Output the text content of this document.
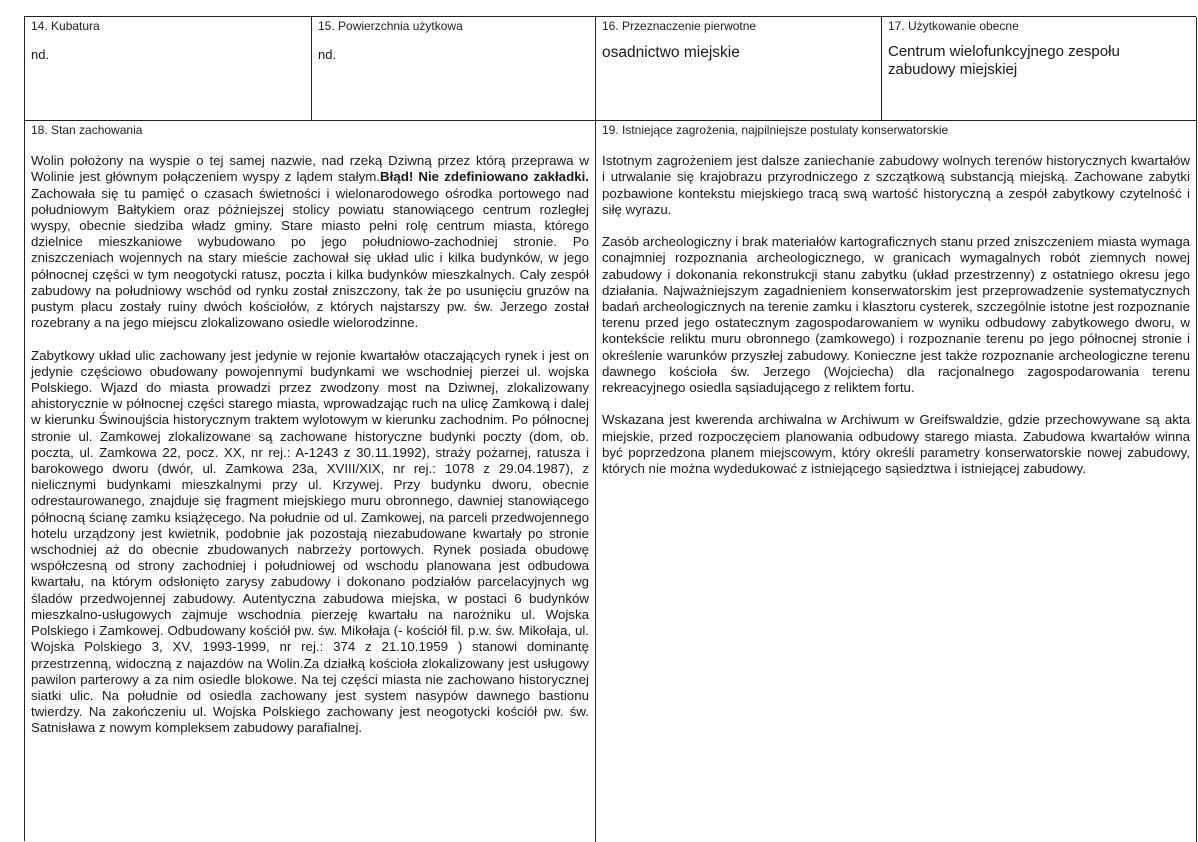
14. Kubatura
nd.
15. Powierzchnia użytkowa
nd.
16. Przeznaczenie pierwotne
osadnictwo miejskie
17. Użytkowanie obecne
Centrum wielofunkcyjnego zespołu zabudowy miejskiej
18. Stan zachowania

Wolin położony na wyspie o tej samej nazwie, nad rzeką Dziwną przez którą przeprawa w Wolinie jest głównym połączeniem wyspy z lądem stałym.Błąd! Nie zdefiniowano zakładki. Zachowała się tu pamięć o czasach świetności i wielonarodowego ośrodka portowego nad południowym Bałtykiem oraz późniejszej stolicy powiatu stanowiącego centrum rozległej wyspy, obecnie siedziba władz gminy. Stare miasto pełni rolę centrum miasta, którego dzielnice mieszkaniowe wybudowano po jego południowo-zachodniej stronie. Po zniszczeniach wojennych na stary mieście zachował się układ ulic i kilka budynków, w jego północnej części w tym neogotycki ratusz, poczta i kilka budynków mieszkalnych. Cały zespół zabudowy na południowy wschód od rynku został zniszczony, tak że po usunięciu gruzów na pustym placu zostały ruiny dwóch kościołów, z których najstarszy pw. św. Jerzego został rozebrany a na jego miejscu zlokalizowano osiedle wielorodzinne.

Zabytkowy układ ulic zachowany jest jedynie w rejonie kwartałów otaczających rynek i jest on jedynie częściowo obudowany powojennymi budynkami we wschodniej pierzei ul. wojska Polskiego. Wjazd do miasta prowadzi przez zwodzony most na Dziwnej, zlokalizowany ahistorycznie w północnej części starego miasta, wprowadzając ruch na ulicę Zamkową i dalej w kierunku Świnoujścia historycznym traktem wylotowym w kierunku zachodnim. Po północnej stronie ul. Zamkowej zlokalizowane są zachowane historyczne budynki poczty (dom, ob. poczta, ul. Zamkowa 22, pocz. XX, nr rej.: A-1243 z 30.11.1992), straży pożarnej, ratusza i barokowego dworu (dwór, ul. Zamkowa 23a, XVIII/XIX, nr rej.: 1078 z 29.04.1987), z nielicznymi budynkami mieszkalnymi przy ul. Krzywej. Przy budynku dworu, obecnie odrestaurowanego, znajduje się fragment miejskiego muru obronnego, dawniej stanowiącego północną ścianę zamku książęcego. Na południe od ul. Zamkowej, na parceli przedwojennego hotelu urządzony jest kwietnik, podobnie jak pozostają niezabudowane kwartały po stronie wschodniej aż do obecnie zbudowanych nabrzeży portowych. Rynek posiada obudowę współczesną od strony zachodniej i południowej od wschodu planowana jest odbudowa kwartału, na którym odsłonięto zarysy zabudowy i dokonano podziałów parcelacyjnych wg śladów przedwojennej zabudowy. Autentyczna zabudowa miejska, w postaci 6 budynków mieszkalno-usługowych zajmuje wschodnia pierzeję kwartału na narożniku ul. Wojska Polskiego i Zamkowej. Odbudowany kościół pw. św. Mikołaja (- kościół fil. p.w. św. Mikołaja, ul. Wojska Polskiego 3, XV, 1993-1999, nr rej.: 374 z 21.10.1959 ) stanowi dominantę przestrzenną, widoczną z najazdów na Wolin.Za działką kościoła zlokalizowany jest usługowy pawilon parterowy a za nim osiedle blokowe. Na tej części miasta nie zachowano historycznej siatki ulic. Na południe od osiedla zachowany jest system nasypów dawnego bastionu twierdzy. Na zakończeniu ul. Wojska Polskiego zachowany jest neogotycki kościół pw. św. Satnisława z nowym kompleksem zabudowy parafialnej.

19. Istniejące zagrożenia, najpilniejsze postulaty konserwatorskie

Istotnym zagrożeniem jest dalsze zaniechanie zabudowy wolnych terenów historycznych kwartałów i utrwalanie się krajobrazu przyrodniczego z szczątkową substancją miejską. Zachowane zabytki pozbawione kontekstu miejskiego tracą swą wartość historyczną a zespół zabytkowy czytelność i siłę wyrazu.

Zasób archeologiczny i brak materiałów kartograficznych stanu przed zniszczeniem miasta wymaga conajmniej rozpoznania archeologicznego, w granicach wymagalnych robót ziemnych nowej zabudowy i dokonania rekonstrukcji stanu zabytku (układ przestrzenny) z ostatniego okresu jego działania. Najważniejszym zagadnieniem konserwatorskim jest przeprowadzenie systematycznych badań archeologicznych na terenie zamku i klasztoru cysterek, szczególnie istotne jest rozpoznanie terenu przed jego ostatecznym zagospodarowaniem w wyniku odbudowy zabytkowego dworu, w kontekście reliktu muru obronnego (zamkowego) i rozpoznanie terenu po jego północnej stronie i określenie warunków przyszłej zabudowy. Konieczne jest także rozpoznanie archeologiczne terenu dawnego kościoła św. Jerzego (Wojciecha) dla racjonalnego zagospodarowania terenu rekreacyjnego osiedla sąsiadującego z reliktem fortu.

Wskazana jest kwerenda archiwalna w Archiwum w Greifswaldzie, gdzie przechowywane są akta miejskie, przed rozpoczęciem planowania odbudowy starego miasta. Zabudowa kwartałów winna być poprzedzona planem miejscowym, który określi parametry konserwatorskie nowej zabudowy, których nie można wydedukować z istniejącego sąsiedztwa i istniejącej zabudowy.
